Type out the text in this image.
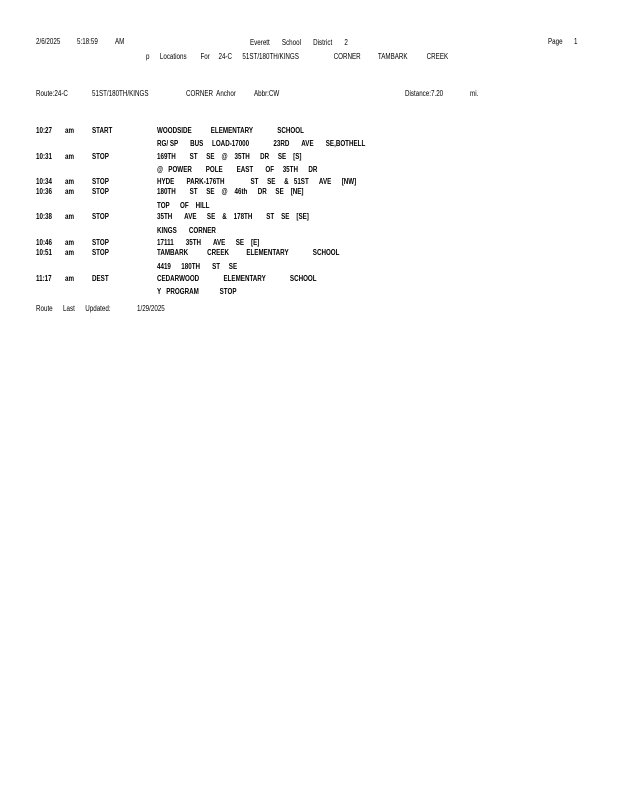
2/6/2025 5:18:59 AM	Everett       School       District       2	Page 1
p      Locations        For     24-C      51ST/180TH/KINGS                    CORNER          TAMBARK           CREEK
Route:24-C	51ST/180TH/KINGS	CORNER  Anchor Abbr:CW	Distance:7.20	mi.
10:27 am START	WOODSIDE           ELEMENTARY              SCHOOL
RG/ SP       BUS     LOAD-17000              23RD       AVE       SE,BOTHELL
10:31 am STOP	169TH        ST     SE    @    35TH      DR     SE    [S]
@   POWER        POLE        EAST       OF     35TH      DR
10:34 am STOP	HYDE       PARK-176TH               ST     SE     &   51ST      AVE      [NW]
10:36 am STOP	180TH        ST     SE    @    46th      DR     SE    [NE]
TOP      OF    HILL
10:38 am STOP	35TH       AVE      SE    &    178TH        ST    SE    [SE]
KINGS       CORNER
10:46 am STOP	17111       35TH       AVE      SE    [E]
10:51 am STOP	TAMBARK           CREEK          ELEMENTARY              SCHOOL
4419      180TH       ST     SE
11:17 am DEST	CEDARWOOD              ELEMENTARY              SCHOOL
Y   PROGRAM            STOP
Route      Last      Updated:	1/29/2025
